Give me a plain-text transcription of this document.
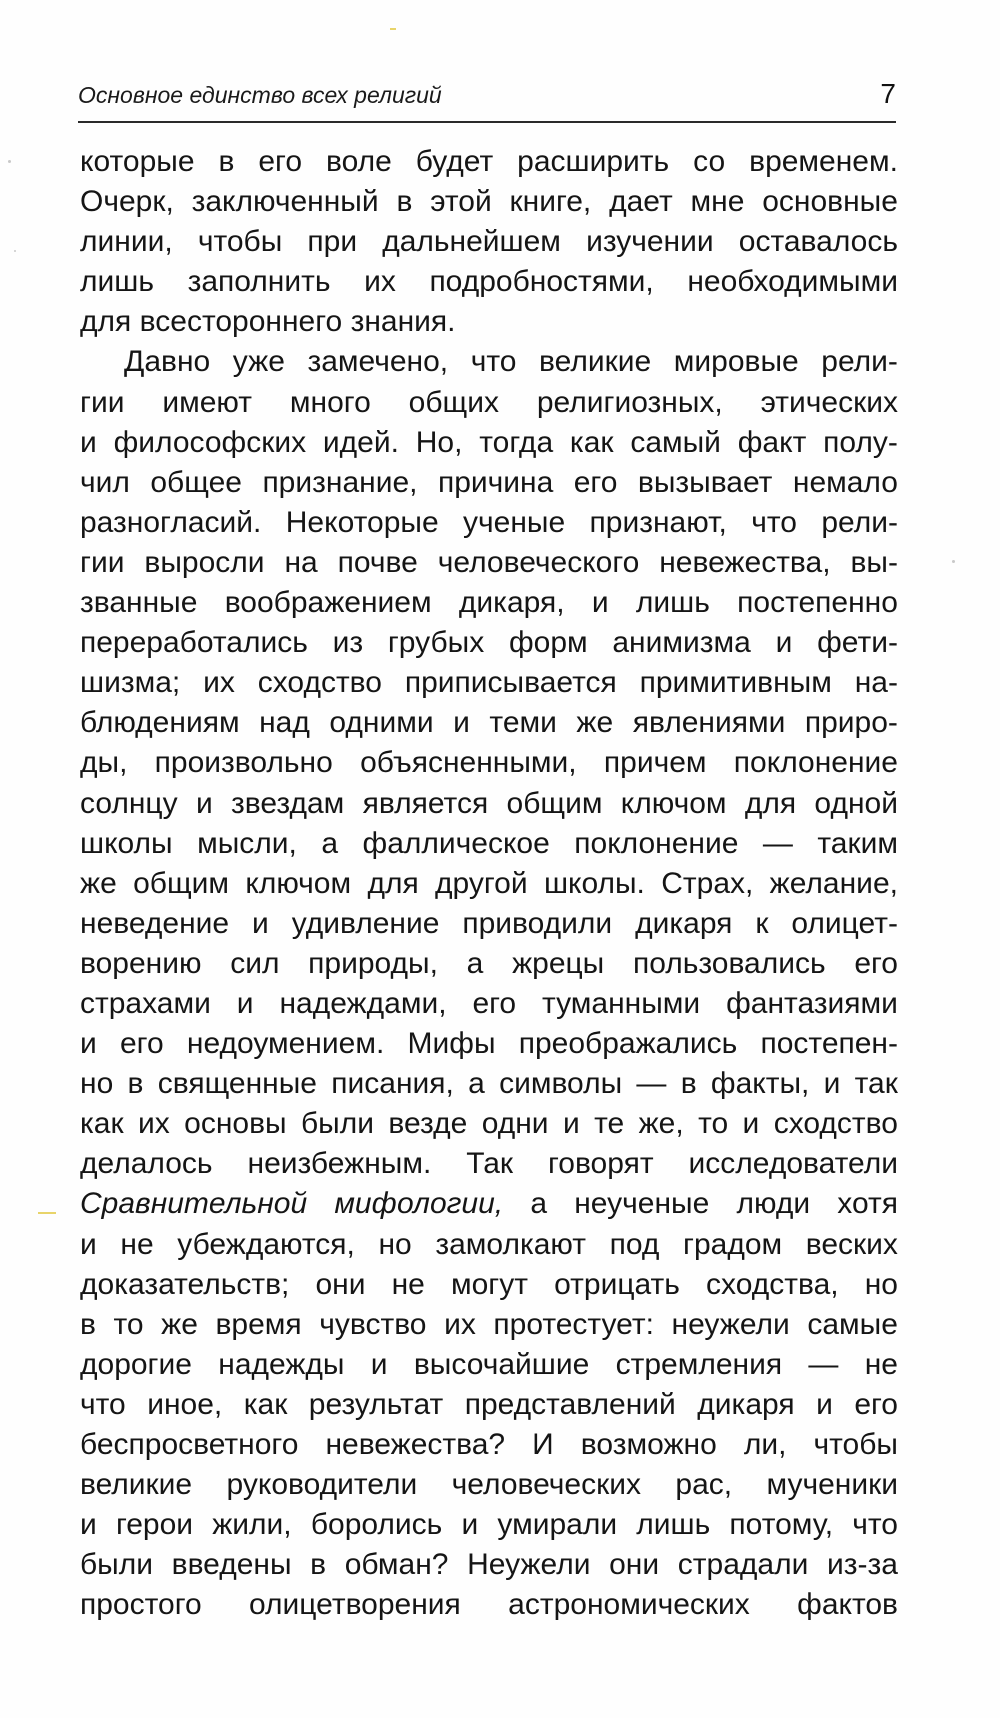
Основное единство всех религий	7
которые в его воле будет расширить со временем.
Очерк, заключенный в этой книге, дает мне основные
линии, чтобы при дальнейшем изучении оставалось
лишь заполнить их подробностями, необходимыми
для всестороннего знания.
Давно уже замечено, что великие мировые рели-
гии имеют много общих религиозных, этических
и философских идей. Но, тогда как самый факт полу-
чил общее признание, причина его вызывает немало
разногласий. Некоторые ученые признают, что рели-
гии выросли на почве человеческого невежества, вы-
званные воображением дикаря, и лишь постепенно
переработались из грубых форм анимизма и фети-
шизма; их сходство приписывается примитивным на-
блюдениям над одними и теми же явлениями приро-
ды, произвольно объясненными, причем поклонение
солнцу и звездам является общим ключом для одной
школы мысли, а фаллическое поклонение — таким
же общим ключом для другой школы. Страх, желание,
неведение и удивление приводили дикаря к олицет-
ворению сил природы, а жрецы пользовались его
страхами и надеждами, его туманными фантазиями
и его недоумением. Мифы преображались постепен-
но в священные писания, а символы — в факты, и так
как их основы были везде одни и те же, то и сходство
делалось неизбежным. Так говорят исследователи
Сравнительной мифологии, а неученые люди хотя
и не убеждаются, но замолкают под градом веских
доказательств; они не могут отрицать сходства, но
в то же время чувство их протестует: неужели самые
дорогие надежды и высочайшие стремления — не
что иное, как результат представлений дикаря и его
беспросветного невежества? И возможно ли, чтобы
великие руководители человеческих рас, мученики
и герои жили, боролись и умирали лишь потому, что
были введены в обман? Неужели они страдали из-за
простого олицетворения астрономических фактов
